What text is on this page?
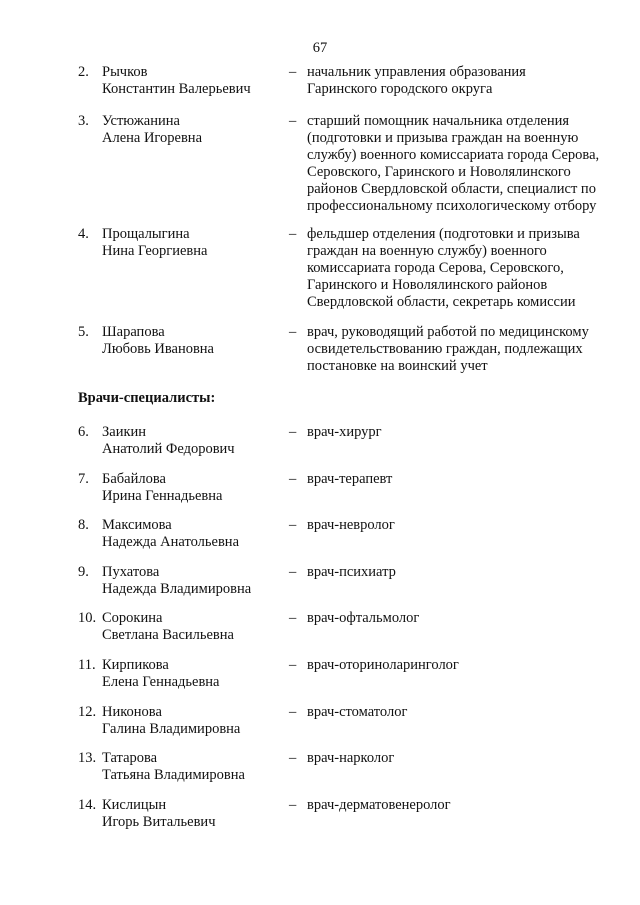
67
2. Рычков
Константин Валерьевич
– начальник управления образования
Гаринского городского округа
3. Устюжанина
Алена Игоревна
– старший помощник начальника отделения
(подготовки и призыва граждан на военную
службу) военного комиссариата города Серова,
Серовского, Гаринского и Новолялинского
районов Свердловской области, специалист по
профессиональному психологическому отбору
4. Прощалыгина
Нина Георгиевна
– фельдшер отделения (подготовки и призыва
граждан на военную службу) военного
комиссариата города Серова, Серовского,
Гаринского и Новолялинского районов
Свердловской области, секретарь комиссии
5. Шарапова
Любовь Ивановна
– врач, руководящий работой по медицинскому
освидетельствованию граждан, подлежащих
постановке на воинский учет
Врачи-специалисты:
6. Заикин
Анатолий Федорович
– врач-хирург
7. Бабайлова
Ирина Геннадьевна
– врач-терапевт
8. Максимова
Надежда Анатольевна
– врач-невролог
9. Пухатова
Надежда Владимировна
– врач-психиатр
10. Сорокина
Светлана Васильевна
– врач-офтальмолог
11. Кирпикова
Елена Геннадьевна
– врач-оториноларинголог
12. Никонова
Галина Владимировна
– врач-стоматолог
13. Татарова
Татьяна Владимировна
– врач-нарколог
14. Кислицын
Игорь Витальевич
– врач-дерматовенеролог
